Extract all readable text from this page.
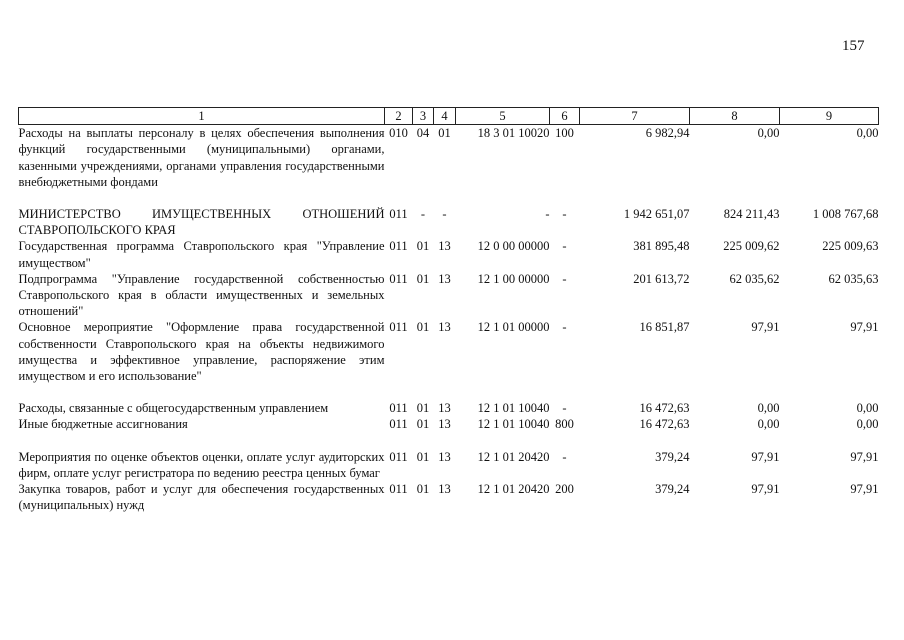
157
1	2	3	4	5	6	7	8	9
Расходы на выплаты персоналу в целях обеспечения выполнения функций государственными (муниципальными) органами, казенными учреждениями, органами управления государственными внебюджетными фондами	010	04	01	18 3 01 10020	100	6 982,94	0,00	0,00

МИНИСТЕРСТВО ИМУЩЕСТВЕННЫХ ОТНОШЕНИЙ СТАВРОПОЛЬСКОГО КРАЯ	011	-	-	-	-	1 942 651,07	824 211,43	1 008 767,68
Государственная программа Ставропольского края "Управление имуществом"	011	01	13	12 0 00 00000	-	381 895,48	225 009,62	225 009,63
Подпрограмма "Управление государственной собственностью Ставропольского края в области имущественных и земельных отношений"	011	01	13	12 1 00 00000	-	201 613,72	62 035,62	62 035,63
Основное мероприятие "Оформление права государственной собственности Ставропольского края на объекты недвижимого имущества и эффективное управление, распоряжение этим имуществом и его использование"	011	01	13	12 1 01 00000	-	16 851,87	97,91	97,91

Расходы, связанные с общегосударственным управлением	011	01	13	12 1 01 10040	-	16 472,63	0,00	0,00
Иные бюджетные ассигнования	011	01	13	12 1 01 10040	800	16 472,63	0,00	0,00

Мероприятия по оценке объектов оценки, оплате услуг аудиторских фирм, оплате услуг регистратора по ведению реестра ценных бумаг	011	01	13	12 1 01 20420	-	379,24	97,91	97,91
Закупка товаров, работ и услуг для обеспечения государственных (муниципальных) нужд	011	01	13	12 1 01 20420	200	379,24	97,91	97,91
